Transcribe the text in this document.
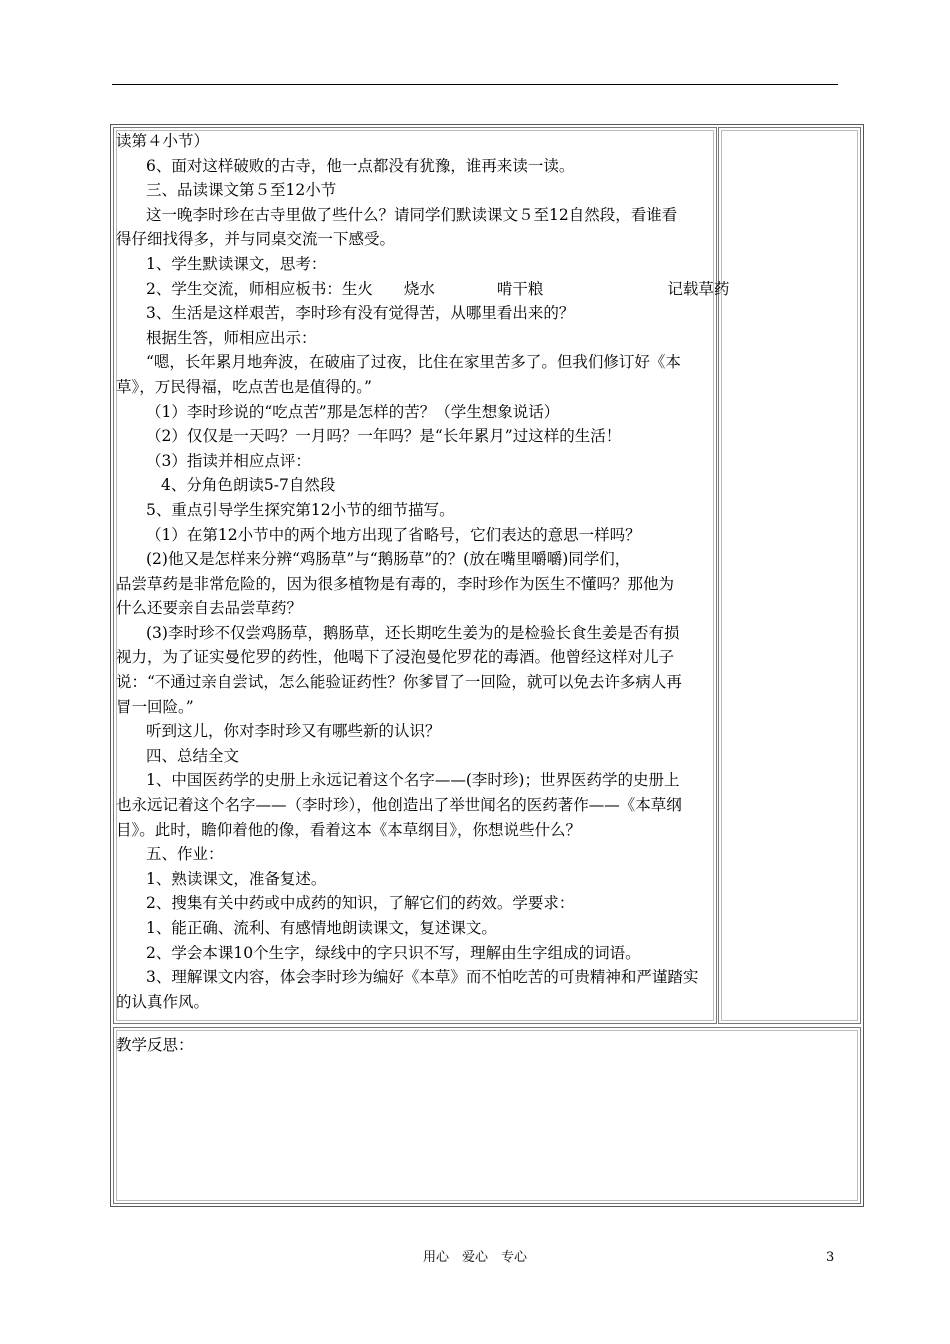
读第４小节）
6、面对这样破败的古寺，他一点都没有犹豫，谁再来读一读。
三、品读课文第５至12小节
这一晚李时珍在古寺里做了些什么？请同学们默读课文５至12自然段，看谁看
得仔细找得多，并与同桌交流一下感受。
1、学生默读课文，思考：
2、学生交流，师相应板书：生火　　烧水　　　　啃干粮　　　　　　　　记载草药
3、生活是这样艰苦，李时珍有没有觉得苦，从哪里看出来的？
根据生答，师相应出示：
“嗯，长年累月地奔波，在破庙了过夜，比住在家里苦多了。但我们修订好《本
草》，万民得福，吃点苦也是值得的。”
（1）李时珍说的“吃点苦”那是怎样的苦？（学生想象说话）
（2）仅仅是一天吗？一月吗？一年吗？是“长年累月”过这样的生活！
（3）指读并相应点评：
4、分角色朗读5-7自然段
5、重点引导学生探究第12小节的细节描写。
（1）在第12小节中的两个地方出现了省略号，它们表达的意思一样吗？
(2)他又是怎样来分辨“鸡肠草”与“鹅肠草”的？(放在嘴里嚼嚼)同学们，
品尝草药是非常危险的，因为很多植物是有毒的，李时珍作为医生不懂吗？那他为
什么还要亲自去品尝草药？
(3)李时珍不仅尝鸡肠草，鹅肠草，还长期吃生姜为的是检验长食生姜是否有损
视力，为了证实曼佗罗的药性，他喝下了浸泡曼佗罗花的毒酒。他曾经这样对儿子
说：“不通过亲自尝试，怎么能验证药性？你爹冒了一回险，就可以免去许多病人再
冒一回险。”
听到这儿，你对李时珍又有哪些新的认识？
四、总结全文
1、中国医药学的史册上永远记着这个名字——(李时珍)；世界医药学的史册上
也永远记着这个名字——（李时珍），他创造出了举世闻名的医药著作——《本草纲
目》。此时，瞻仰着他的像，看着这本《本草纲目》，你想说些什么？
五、作业：
1、熟读课文，准备复述。
2、搜集有关中药或中成药的知识，了解它们的药效。学要求：
1、能正确、流利、有感情地朗读课文，复述课文。
2、学会本课10个生字，绿线中的字只识不写，理解由生字组成的词语。
3、理解课文内容，体会李时珍为编好《本草》而不怕吃苦的可贵精神和严谨踏实
的认真作风。
教学反思：
用心　爱心　专心	3
